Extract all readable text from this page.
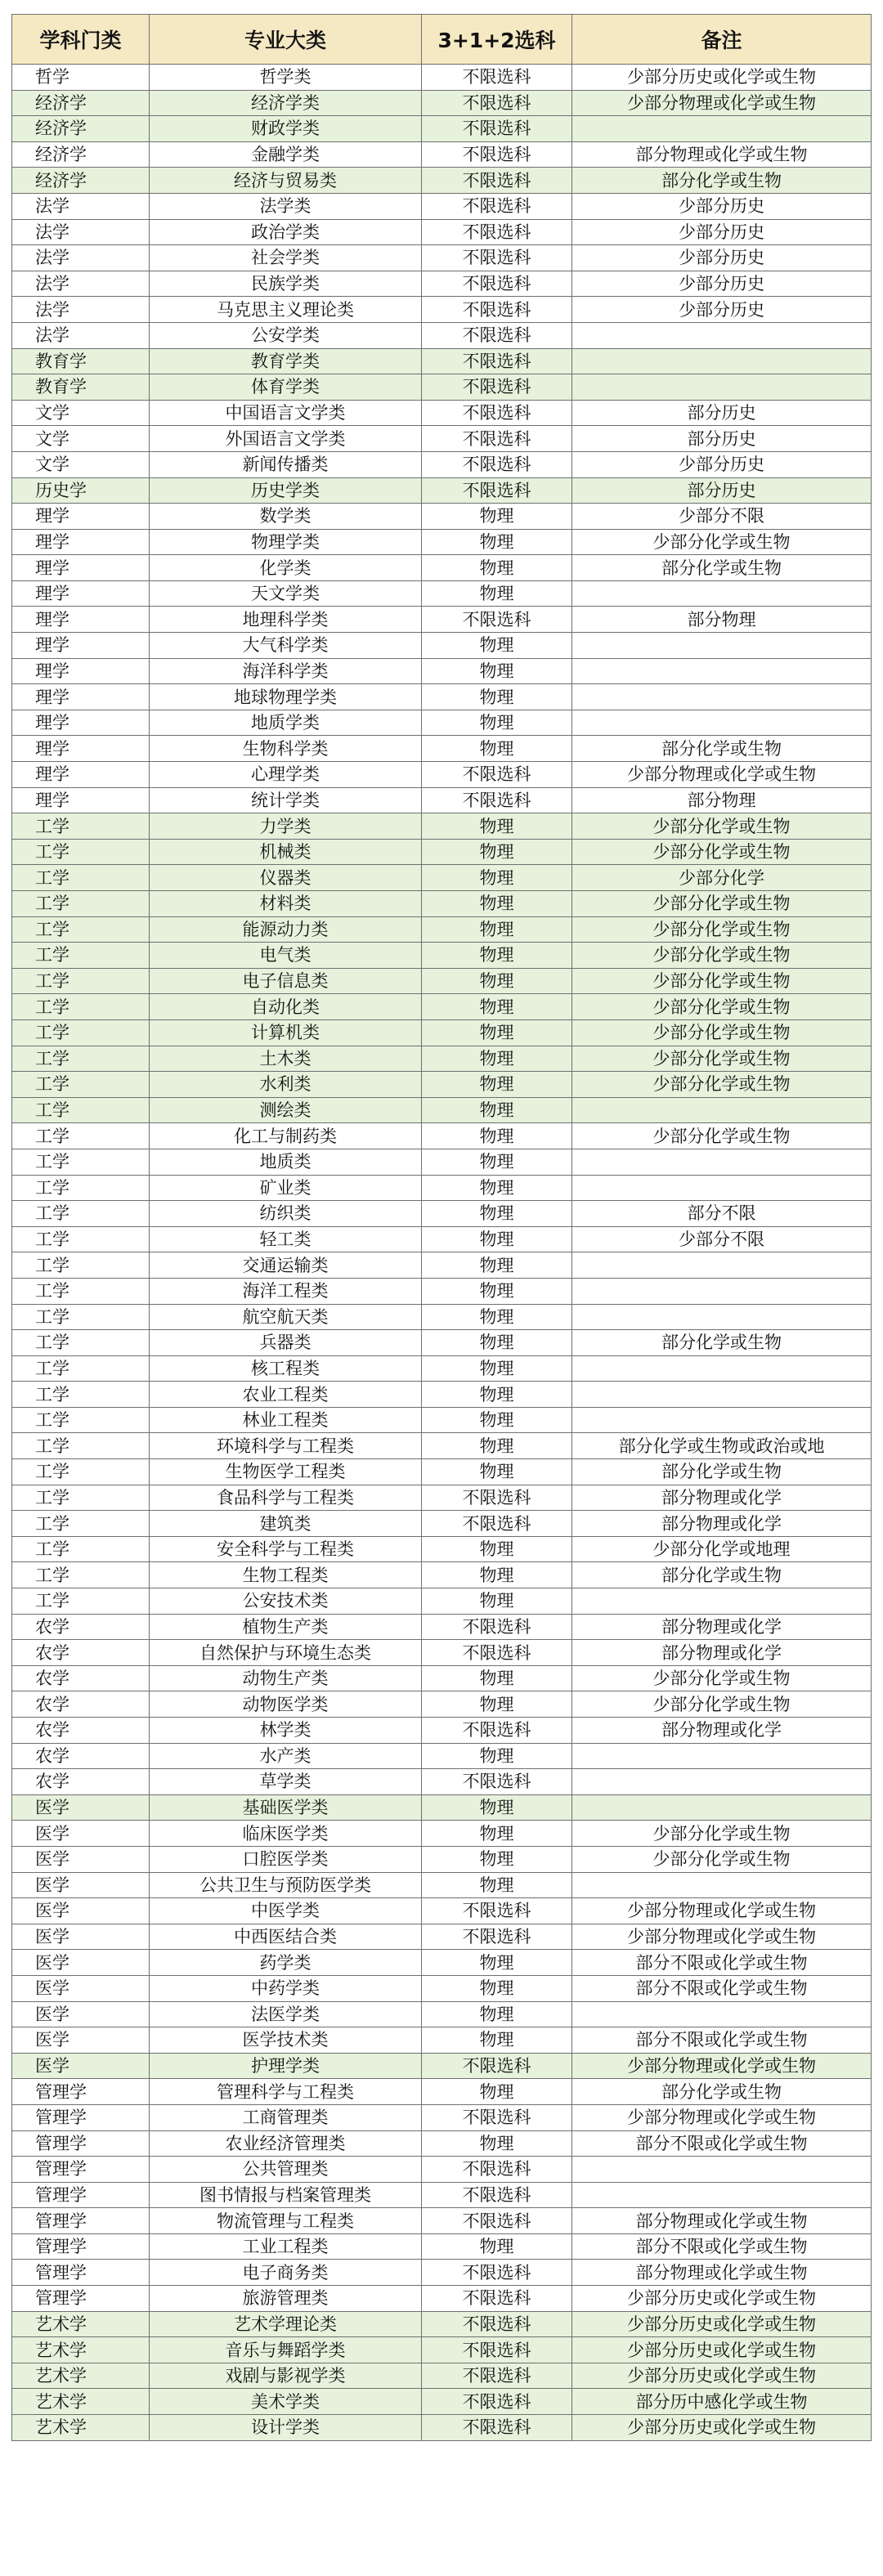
学科门类	专业大类	3+1+2选科	备注
哲学	哲学类	不限选科	少部分历史或化学或生物
经济学	经济学类	不限选科	少部分物理或化学或生物
经济学	财政学类	不限选科	
经济学	金融学类	不限选科	部分物理或化学或生物
经济学	经济与贸易类	不限选科	部分化学或生物
法学	法学类	不限选科	少部分历史
法学	政治学类	不限选科	少部分历史
法学	社会学类	不限选科	少部分历史
法学	民族学类	不限选科	少部分历史
法学	马克思主义理论类	不限选科	少部分历史
法学	公安学类	不限选科	
教育学	教育学类	不限选科	
教育学	体育学类	不限选科	
文学	中国语言文学类	不限选科	部分历史
文学	外国语言文学类	不限选科	部分历史
文学	新闻传播类	不限选科	少部分历史
历史学	历史学类	不限选科	部分历史
理学	数学类	物理	少部分不限
理学	物理学类	物理	少部分化学或生物
理学	化学类	物理	部分化学或生物
理学	天文学类	物理	
理学	地理科学类	不限选科	部分物理
理学	大气科学类	物理	
理学	海洋科学类	物理	
理学	地球物理学类	物理	
理学	地质学类	物理	
理学	生物科学类	物理	部分化学或生物
理学	心理学类	不限选科	少部分物理或化学或生物
理学	统计学类	不限选科	部分物理
工学	力学类	物理	少部分化学或生物
工学	机械类	物理	少部分化学或生物
工学	仪器类	物理	少部分化学
工学	材料类	物理	少部分化学或生物
工学	能源动力类	物理	少部分化学或生物
工学	电气类	物理	少部分化学或生物
工学	电子信息类	物理	少部分化学或生物
工学	自动化类	物理	少部分化学或生物
工学	计算机类	物理	少部分化学或生物
工学	土木类	物理	少部分化学或生物
工学	水利类	物理	少部分化学或生物
工学	测绘类	物理	
工学	化工与制药类	物理	少部分化学或生物
工学	地质类	物理	
工学	矿业类	物理	
工学	纺织类	物理	部分不限
工学	轻工类	物理	少部分不限
工学	交通运输类	物理	
工学	海洋工程类	物理	
工学	航空航天类	物理	
工学	兵器类	物理	部分化学或生物
工学	核工程类	物理	
工学	农业工程类	物理	
工学	林业工程类	物理	
工学	环境科学与工程类	物理	部分化学或生物或政治或地
工学	生物医学工程类	物理	部分化学或生物
工学	食品科学与工程类	不限选科	部分物理或化学
工学	建筑类	不限选科	部分物理或化学
工学	安全科学与工程类	物理	少部分化学或地理
工学	生物工程类	物理	部分化学或生物
工学	公安技术类	物理	
农学	植物生产类	不限选科	部分物理或化学
农学	自然保护与环境生态类	不限选科	部分物理或化学
农学	动物生产类	物理	少部分化学或生物
农学	动物医学类	物理	少部分化学或生物
农学	林学类	不限选科	部分物理或化学
农学	水产类	物理	
农学	草学类	不限选科	
医学	基础医学类	物理	
医学	临床医学类	物理	少部分化学或生物
医学	口腔医学类	物理	少部分化学或生物
医学	公共卫生与预防医学类	物理	
医学	中医学类	不限选科	少部分物理或化学或生物
医学	中西医结合类	不限选科	少部分物理或化学或生物
医学	药学类	物理	部分不限或化学或生物
医学	中药学类	物理	部分不限或化学或生物
医学	法医学类	物理	
医学	医学技术类	物理	部分不限或化学或生物
医学	护理学类	不限选科	少部分物理或化学或生物
管理学	管理科学与工程类	物理	部分化学或生物
管理学	工商管理类	不限选科	少部分物理或化学或生物
管理学	农业经济管理类	物理	部分不限或化学或生物
管理学	公共管理类	不限选科	
管理学	图书情报与档案管理类	不限选科	
管理学	物流管理与工程类	不限选科	部分物理或化学或生物
管理学	工业工程类	物理	部分不限或化学或生物
管理学	电子商务类	不限选科	部分物理或化学或生物
管理学	旅游管理类	不限选科	少部分历史或化学或生物
艺术学	艺术学理论类	不限选科	少部分历史或化学或生物
艺术学	音乐与舞蹈学类	不限选科	少部分历史或化学或生物
艺术学	戏剧与影视学类	不限选科	少部分历史或化学或生物
艺术学	美术学类	不限选科	部分历中感化学或生物
艺术学	设计学类	不限选科	少部分历史或化学或生物
